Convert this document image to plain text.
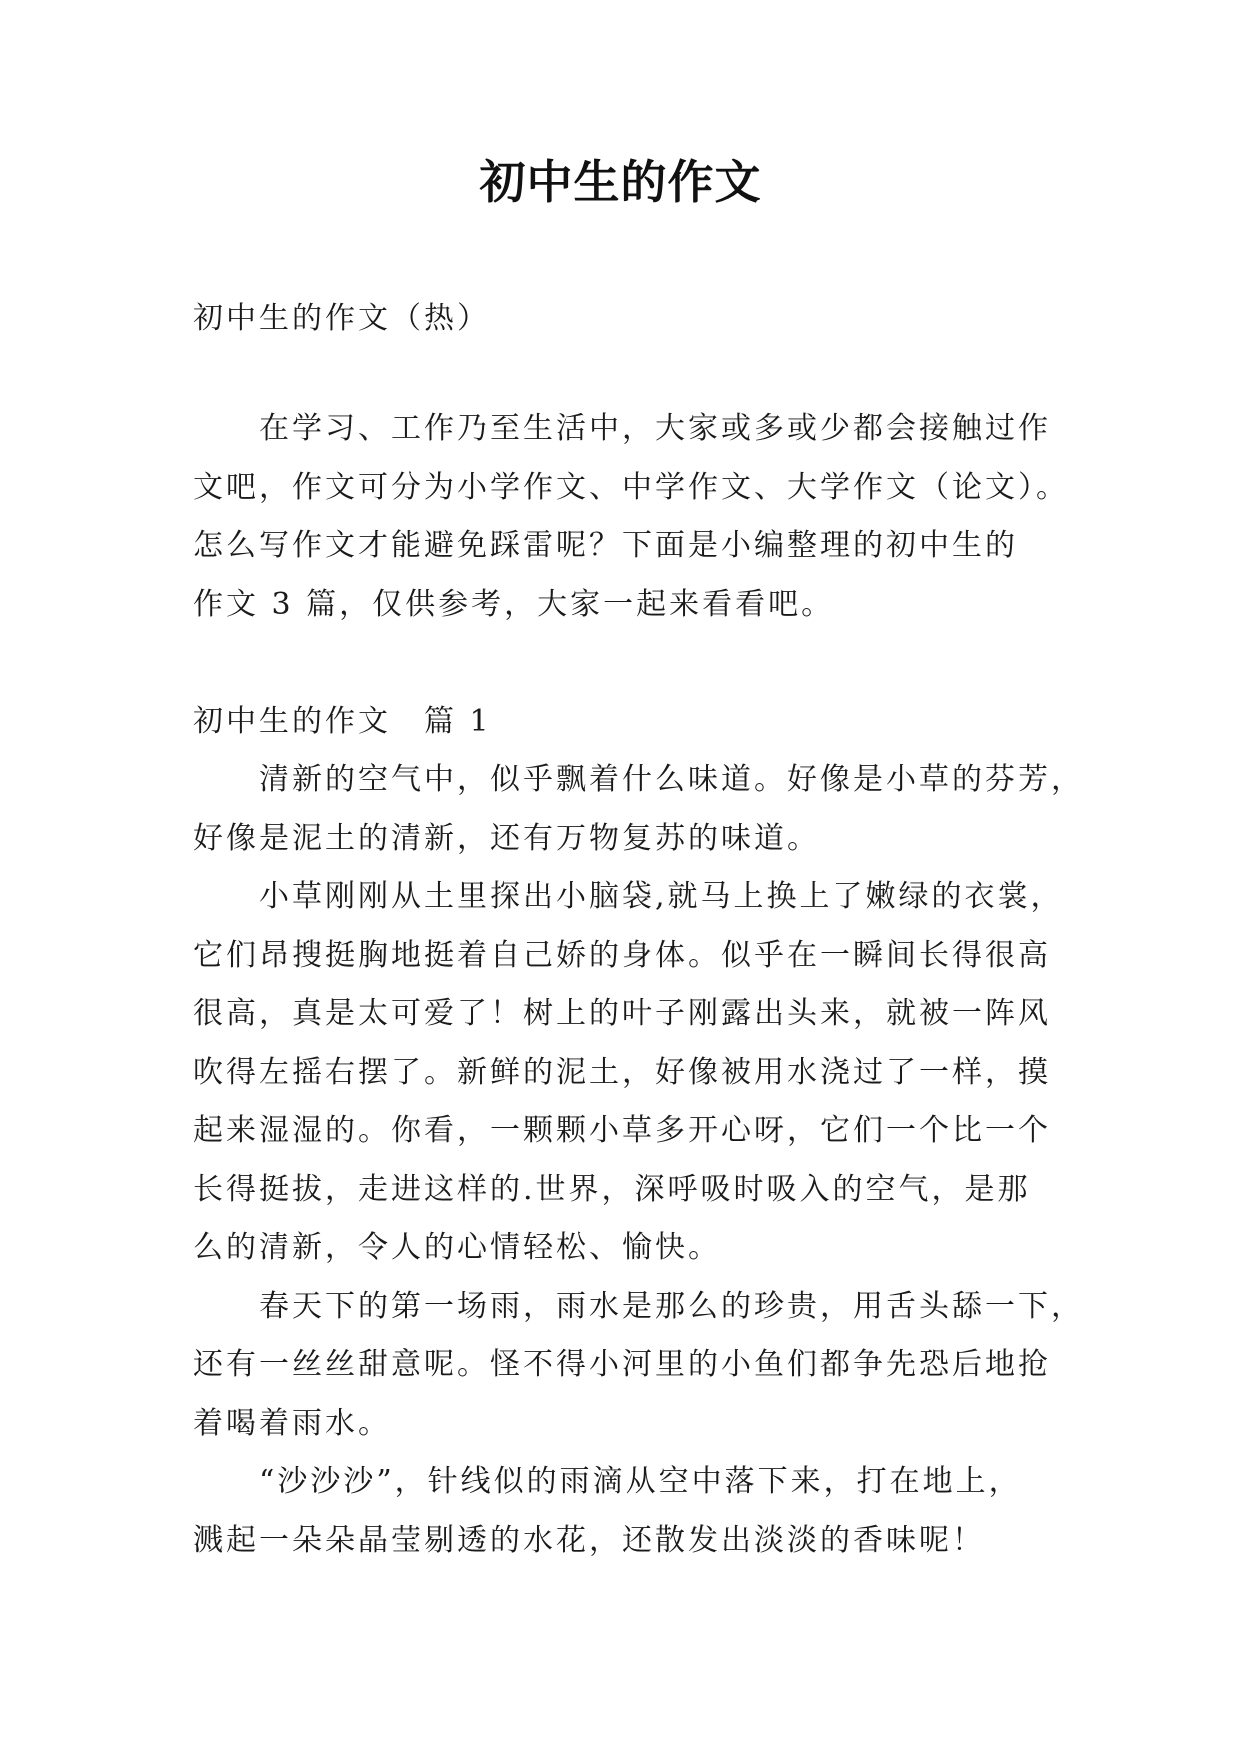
初中生的作文
初中生的作文（热）

　　在学习、工作乃至生活中，大家或多或少都会接触过作

文吧，作文可分为小学作文、中学作文、大学作文（论文）。

怎么写作文才能避免踩雷呢？下面是小编整理的初中生的

作文 3 篇，仅供参考，大家一起来看看吧。

初中生的作文　篇 1

　　清新的空气中，似乎飘着什么味道。好像是小草的芬芳，

好像是泥土的清新，还有万物复苏的味道。

　　小草刚刚从土里探出小脑袋,就马上换上了嫩绿的衣裳，

它们昂搜挺胸地挺着自己娇的身体。似乎在一瞬间长得很高

很高，真是太可爱了！树上的叶子刚露出头来，就被一阵风

吹得左摇右摆了。新鲜的泥土，好像被用水浇过了一样，摸

起来湿湿的。你看，一颗颗小草多开心呀，它们一个比一个

长得挺拔，走进这样的.世界，深呼吸时吸入的空气，是那

么的清新，令人的心情轻松、愉快。

　　春天下的第一场雨，雨水是那么的珍贵，用舌头舔一下，

还有一丝丝甜意呢。怪不得小河里的小鱼们都争先恐后地抢

着喝着雨水。

　　“沙沙沙”，针线似的雨滴从空中落下来，打在地上，

溅起一朵朵晶莹剔透的水花，还散发出淡淡的香味呢！
